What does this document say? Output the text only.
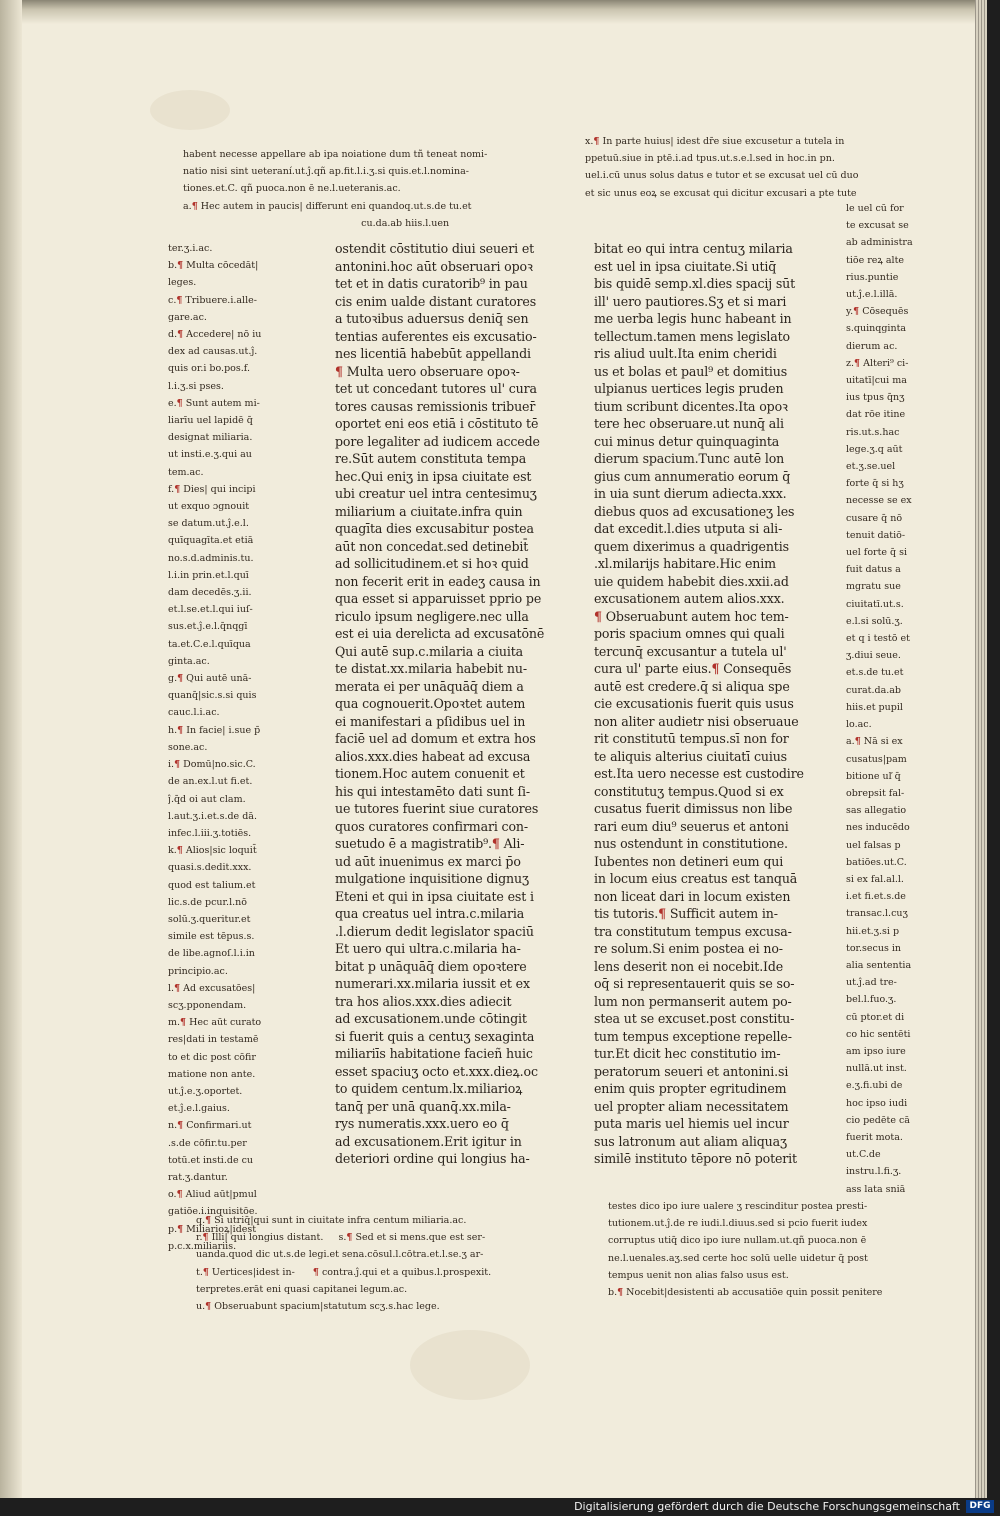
habent necesse appellare ab ipa noiatione dum tñ teneat nomi-
natio nisi sint ueteraní.ut.ĵ.qñ ap.fit.l.i.ʒ.si quis.et.l.nomina-
tiones.et.C. qñ puoca.non ē ne.l.ueteranis.ac.
a.¶ Hec autem in paucis| differunt eni quandoq.ut.s.de tu.et
cu.da.ab hiis.l.uen
ter.ʒ.i.ac.
b.¶ Multa cōcedāt|
leges.
c.¶ Tribuere.i.alle-
gare.ac.
d.¶ Accedere| nō iu
dex ad causas.ut.ĵ.
quis or.i bo.pos.f.
l.i.ʒ.si pses.
e.¶ Sunt autem mi-
liarīu uel lapidē q̄
designat miliaria.
ut insti.e.ʒ.qui au
tem.ac.
f.¶ Dies| qui incipi
ut exquo ɔgnouit
se datum.ut.ĵ.e.l.
quīquagīta.et etiā
no.s.d.adminis.tu.
l.i.in prin.et.l.quī
dam decedēs.ʒ.ii.
et.l.se.et.l.qui iuſ-
sus.et.ĵ.e.l.q̄nqgī
ta.et.C.e.l.quīqua
ginta.ac.
g.¶ Qui autē unā-
quanq̄|sic.s.si quis
cauc.l.i.ac.
h.¶ In facie| i.sue p̄
sone.ac.
i.¶ Domū|no.sic.C.
de an.ex.l.ut fi.et.
ĵ.q̄d oi aut clam.
l.aut.ʒ.i.et.s.de dā.
infec.l.iii.ʒ.totiēs.
k.¶ Alios|sic loquit̄
quasi.s.dedit.xxx.
quod est talium.et
lic.s.de pcur.l.nō
solū.ʒ.queritur.et
simile est tēpus.s.
de libe.agnoſ.l.i.in
principio.ac.
l.¶ Ad excusatōes|
scʒ.pponendam.
m.¶ Hec aūt curato
res|dati in testamē
to et dic post cōfir
matione non ante.
ut.ĵ.e.ʒ.oportet.
et.ĵ.e.l.gaius.
n.¶ Confirmari.ut
.s.de cōfir.tu.per
totū.et insti.de cu
rat.ʒ.dantur.
o.¶ Aliud aūt|pmul
gatiōe.i.inquisitōe.
p.¶ Miliarioꝝ|idest
p.c.x.miliariis.
ostendit cōstitutio diui seueri et
antonini.hoc aūt obseruari opoꝛ
tet et in datis curatorib⁹ in pau
cis enim ualde distant curatores
a tutoꝛibus aduersus deniq̄ sen
tentias auferentes eis excusatio-
nes licentiā habebūt appellandi
¶ Multa uero obseruare opoꝛ-
tet ut concedant tutores ul' cura
tores causas remissionis tribuer̄
oportet eni eos etiā i cōstituto tē
pore legaliter ad iudicem accede
re.Sūt autem constituta tempa
hec.Qui eniʒ in ipsa ciuitate est
ubi creatur uel intra centesimuʒ
miliarium a ciuitate.infra quin
quagīta dies excusabitur postea
aūt non concedat.sed detinebit̄
ad sollicitudinem.et si hoꝛ quid
non fecerit erit in eadeʒ causa in
qua esset si apparuisset pprio pe
riculo ipsum negligere.nec ulla
est ei uia derelicta ad excusatōnē
Qui autē sup.c.milaria a ciuita
te distat.xx.milaria habebit nu-
merata ei per unāquāq̄ diem a
qua cognouerit.Opoꝛtet autem
ei manifestari a pſidibus uel in
faciē uel ad domum et extra hos
alios.xxx.dies habeat ad excusa
tionem.Hoc autem conuenit et
his qui intestamēto dati sunt ſi-
ue tutores fuerint siue curatores
quos curatores confirmari con-
suetudo ē a magistratib⁹.¶ Ali-
ud aūt inuenimus ex marci p̄o
mulgatione inquisitione dignuʒ
Eteni et qui in ipsa ciuitate est i
qua creatus uel intra.c.milaria
.l.dierum dedit legislator spaciū
Et uero qui ultra.c.milaria ha-
bitat p unāquāq̄ diem opoꝛtere
numerari.xx.milaria iussit et ex
tra hos alios.xxx.dies adiecit
ad excusationem.unde cōtingit
si fuerit quis a centuʒ sexaginta
miliariīs habitatione facieñ huic
esset spaciuʒ octo et.xxx.dieꝝ.oc
to quidem centum.lx.miliarioꝝ
tanq̄ per unā quanq̄.xx.mila-
rys numeratis.xxx.uero eo q̄
ad excusationem.Erit igitur in
deteriori ordine qui longius ha-
x.¶ In parte huius| idest dr̄e siue excusetur a tutela in
ppetuū.siue in ptē.i.ad tpus.ut.s.e.l.sed in hoc.in pn.
uel.i.cū unus solus datus e tutor et se excusat uel cū duo
et sic unus eoꝝ se excusat qui dicitur excusari a pte tute
bitat eo qui intra centuʒ milaria
est uel in ipsa ciuitate.Si utiq̄
bis quidē semp.xl.dies spacij sūt
ill' uero pautiores.Sʒ et si mari
me uerba legis hunc habeant in
tellectum.tamen mens legislato
ris aliud uult.Ita enim cheridi
us et bolas et paul⁹ et domitius
ulpianus uertices legis pruden
tium scribunt dicentes.Ita opoꝛ
tere hec obseruare.ut nunq̄ ali
cui minus detur quinquaginta
dierum spacium.Tunc autē lon
gius cum annumeratio eorum q̄
in uia sunt dierum adiecta.xxx.
diebus quos ad excusationeʒ les
dat excedit.l.dies utputa si ali-
quem dixerimus a quadrigentis
.xl.milarijs habitare.Hic enim
uie quidem habebit dies.xxii.ad
excusationem autem alios.xxx.
¶ Obseruabunt autem hoc tem-
poris spacium omnes qui quali
tercunq̄ excusantur a tutela ul'
cura ul' parte eius.¶ Consequēs
autē est credere.q̄ si aliqua spe
cie excusationis fuerit quis usus
non aliter audietr nisi obseruaue
rit constitutū tempus.sī non for
te aliquis alterius ciuitatī cuius
est.Ita uero necesse est custodire
constitutuʒ tempus.Quod si ex
cusatus fuerit dimissus non libe
rari eum diu⁹ seuerus et antoni
nus ostendunt in constitutione.
Iubentes non detineri eum qui
in locum eius creatus est tanquā
non liceat dari in locum existen
tis tutoris.¶ Sufficit autem in-
tra constitutum tempus excusa-
re solum.Si enim postea ei no-
lens deserit non ei nocebit.Ide
oq̄ si representauerit quis se so-
lum non permanserit autem po-
stea ut se excuset.post constitu-
tum tempus exceptione repelle-
tur.Et dicit hec constitutio im-
peratorum seueri et antonini.si
enim quis propter egritudinem
uel propter aliam necessitatem
puta maris uel hiemis uel incur
sus latronum aut aliam aliquaʒ
similē instituto tēpore nō poterit
le uel cū for
te excusat se
ab administra
tiōe reꝝ alte
rius.puntie
ut.ĵ.e.l.illā.
y.¶ Cōsequēs
s.quinqginta
dierum ac.
z.¶ Alteri⁹ ci-
uitatī|cui ma
ius tpus q̄nʒ
dat rōe itine
ris.ut.s.hac
lege.ʒ.q aūt
et.ʒ.se.uel
forte q̄ si hʒ
necesse se ex
cusare q̄ nō
tenuit datiō-
uel forte q̄ si
fuit datus a
mgratu sue
ciuitatī.ut.s.
e.l.si solū.ʒ.
et q i testō et
ʒ.diui seue.
et.s.de tu.et
curat.da.ab
hiis.et pupil
lo.ac.
a.¶ Nā si ex
cusatus|pam
bitione uľ q̄
obrepsit fal-
sas allegatio
nes inducēdo
uel falsas p
batiōes.ut.C.
si ex fal.al.l.
i.et fi.et.s.de
transac.l.cuʒ
hii.et.ʒ.si p
tor.secus in
alia sententia
ut.ĵ.ad tre-
bel.l.fuo.ʒ.
cū ptor.et di
co hic sentēti
am ipso iure
nullā.ut inst.
e.ʒ.fi.ubi de
hoc ipso iudi
cio pedēte cā
fuerit mota.
ut.C.de
instru.l.fi.ʒ.
ass lata sniā
q.¶ Si utriq̄|qui sunt in ciuitate infra centum miliaria.ac.
r.¶ Illi| qui longius distant.     s.¶ Sed et si mens.que est ser-
uanda.quod dic ut.s.de legi.et sena.cōsul.l.cōtra.et.l.se.ʒ ar-
t.¶ Uertices|idest in-      ¶ contra.ĵ.qui et a quibus.l.prospexit.
terpretes.erāt eni quasi capitanei legum.ac.
u.¶ Obseruabunt spacium|statutum scʒ.s.hac lege.
testes dico ipo iure ualere ʒ rescinditur postea presti-
tutionem.ut.ĵ.de re iudi.l.diuus.sed si pcio fuerit iudex
corruptus utiq̄ dico ipo iure nullam.ut.qñ puoca.non ē
ne.l.uenales.aʒ.sed certe hoc solū uelle uidetur q̄ post
tempus uenit non alias falso usus est.
b.¶ Nocebit|desistenti ab accusatiōe quin possit penitere
Digitalisierung gefördert durch die Deutsche Forschungsgemeinschaft	DFG
